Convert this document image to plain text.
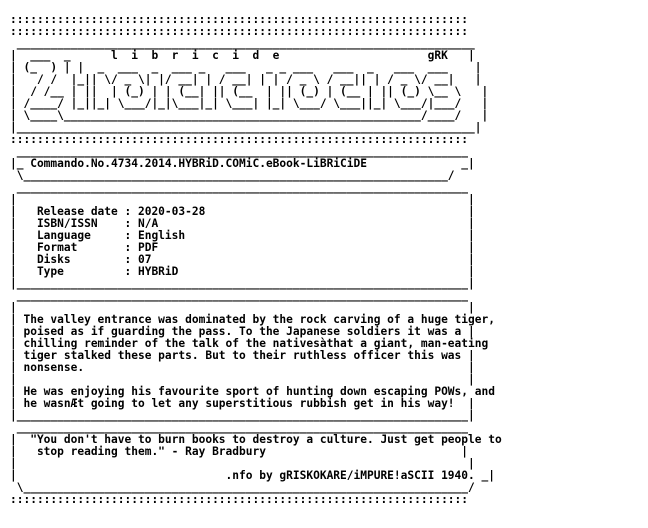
::::::::::::::::::::::::::::::::::::::::::::::::::::::::::::::::::::
::::::::::::::::::::::::::::::::::::::::::::::::::::::::::::::::::::
____________________________________________________________________
|  ___  _      l  i  b  r  i  c  i  d  e                      gRK   |
| (_  ) | |  _  ___  _  ___ _   ___   _ _ ___   ___  _   ___  ___    |
|   / /  |_|| \/ _ \| |/ __| | / __| | | / _ \ / __|| | / _ \/ __|   |
|  / /__ | ||  | (_) | | (__| || (__  | || (_) | (__ | || (_) \__ \   |
| /____/ |_||_| \___/|_|\___|_| \___| |_| \___/ \___||_| \___/|___/   |
| \____\_____________________________________________________/____/   |
|____________________________________________________________________|
::::::::::::::::::::::::::::::::::::::::::::::::::::::::::::::::::::
___________________________________________________________________
|_ Commando.No.4734.2014.HYBRiD.COMiC.eBook-LiBRiCiDE              _|
\_______________________________________________________________/
___________________________________________________________________
|                                                                   |
|   Release date : 2020-03-28                                       |
|   ISBN/ISSN    : N/A                                              |
|   Language     : English                                          |
|   Format       : PDF                                              |
|   Disks        : 07                                               |
|   Type         : HYBRiD                                           |
|___________________________________________________________________|
___________________________________________________________________
|                                                                   |
| The valley entrance was dominated by the rock carving of a huge tiger,
| poised as if guarding the pass. To the Japanese soldiers it was a |
| chilling reminder of the talk of the nativesàthat a giant, man-eating
| tiger stalked these parts. But to their ruthless officer this was |
| nonsense.                                                         |
|                                                                   |
| He was enjoying his favourite sport of hunting down escaping POWs, and
| he wasnÆt going to let any superstitious rubbish get in his way!  |
|___________________________________________________________________|
___________________________________________________________________
|  "You don't have to burn books to destroy a culture. Just get people to
|   stop reading them." - Ray Bradbury                             |
|                                                                   |
|                               .nfo by gRISKOKARE/iMPURE!aSCII 1940. _|
\__________________________________________________________________/
::::::::::::::::::::::::::::::::::::::::::::::::::::::::::::::::::::
